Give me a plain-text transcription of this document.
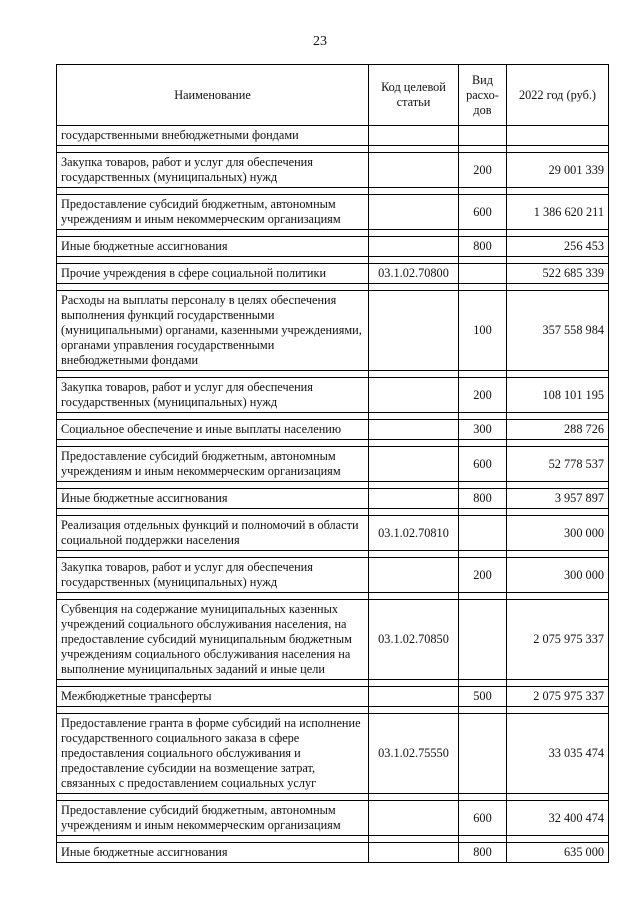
23
Наименование	Код целевой статьи	Вид расхо-дов	2022 год (руб.)
государственными внебюджетными фондами			

Закупка товаров, работ и услуг для обеспечения государственных (муниципальных) нужд		200	29 001 339

Предоставление субсидий бюджетным, автономным учреждениям и иным некоммерческим организациям		600	1 386 620 211

Иные бюджетные ассигнования		800	256 453

Прочие учреждения в сфере социальной политики	03.1.02.70800		522 685 339

Расходы на выплаты персоналу в целях обеспечения выполнения функций государственными (муниципальными) органами, казенными учреждениями, органами управления государственными внебюджетными фондами		100	357 558 984

Закупка товаров, работ и услуг для обеспечения государственных (муниципальных) нужд		200	108 101 195

Социальное обеспечение и иные выплаты населению		300	288 726

Предоставление субсидий бюджетным, автономным учреждениям и иным некоммерческим организациям		600	52 778 537

Иные бюджетные ассигнования		800	3 957 897

Реализация отдельных функций и полномочий в области социальной поддержки населения	03.1.02.70810		300 000

Закупка товаров, работ и услуг для обеспечения государственных (муниципальных) нужд		200	300 000

Субвенция на содержание муниципальных казенных учреждений социального обслуживания населения, на предоставление субсидий муниципальным бюджетным учреждениям социального обслуживания населения на выполнение муниципальных заданий и иные цели	03.1.02.70850		2 075 975 337

Межбюджетные трансферты		500	2 075 975 337

Предоставление гранта в форме субсидий на исполнение государственного социального заказа в сфере предоставления социального обслуживания и предоставление субсидии на возмещение затрат, связанных с предоставлением социальных услуг	03.1.02.75550		33 035 474

Предоставление субсидий бюджетным, автономным учреждениям и иным некоммерческим организациям		600	32 400 474

Иные бюджетные ассигнования		800	635 000
